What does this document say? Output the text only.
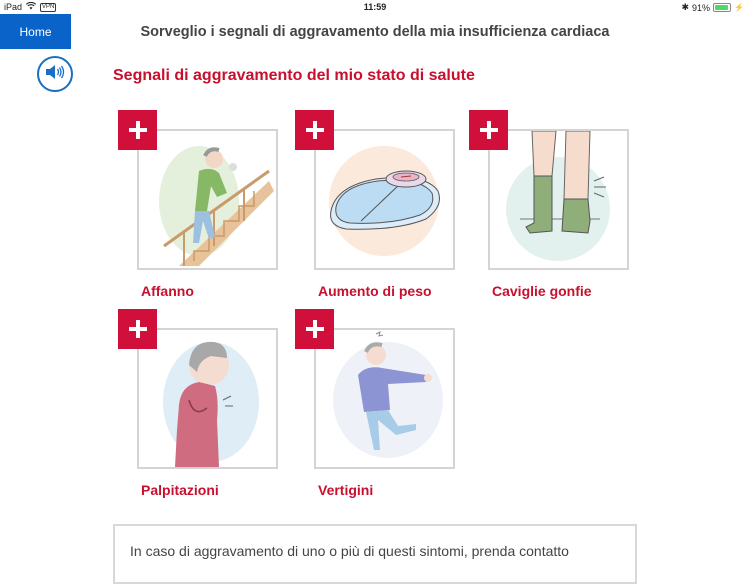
iPad	VPN	11:59	✱ 91%	⚡
Home	Sorveglio i segnali di aggravamento della mia insufficienza cardiaca
Segnali di aggravamento del mio stato di salute
Affanno	Aumento di peso	Caviglie gonfie
Palpitazioni	Vertigini

In caso di aggravamento di uno o più di questi sintomi, prenda contatto
